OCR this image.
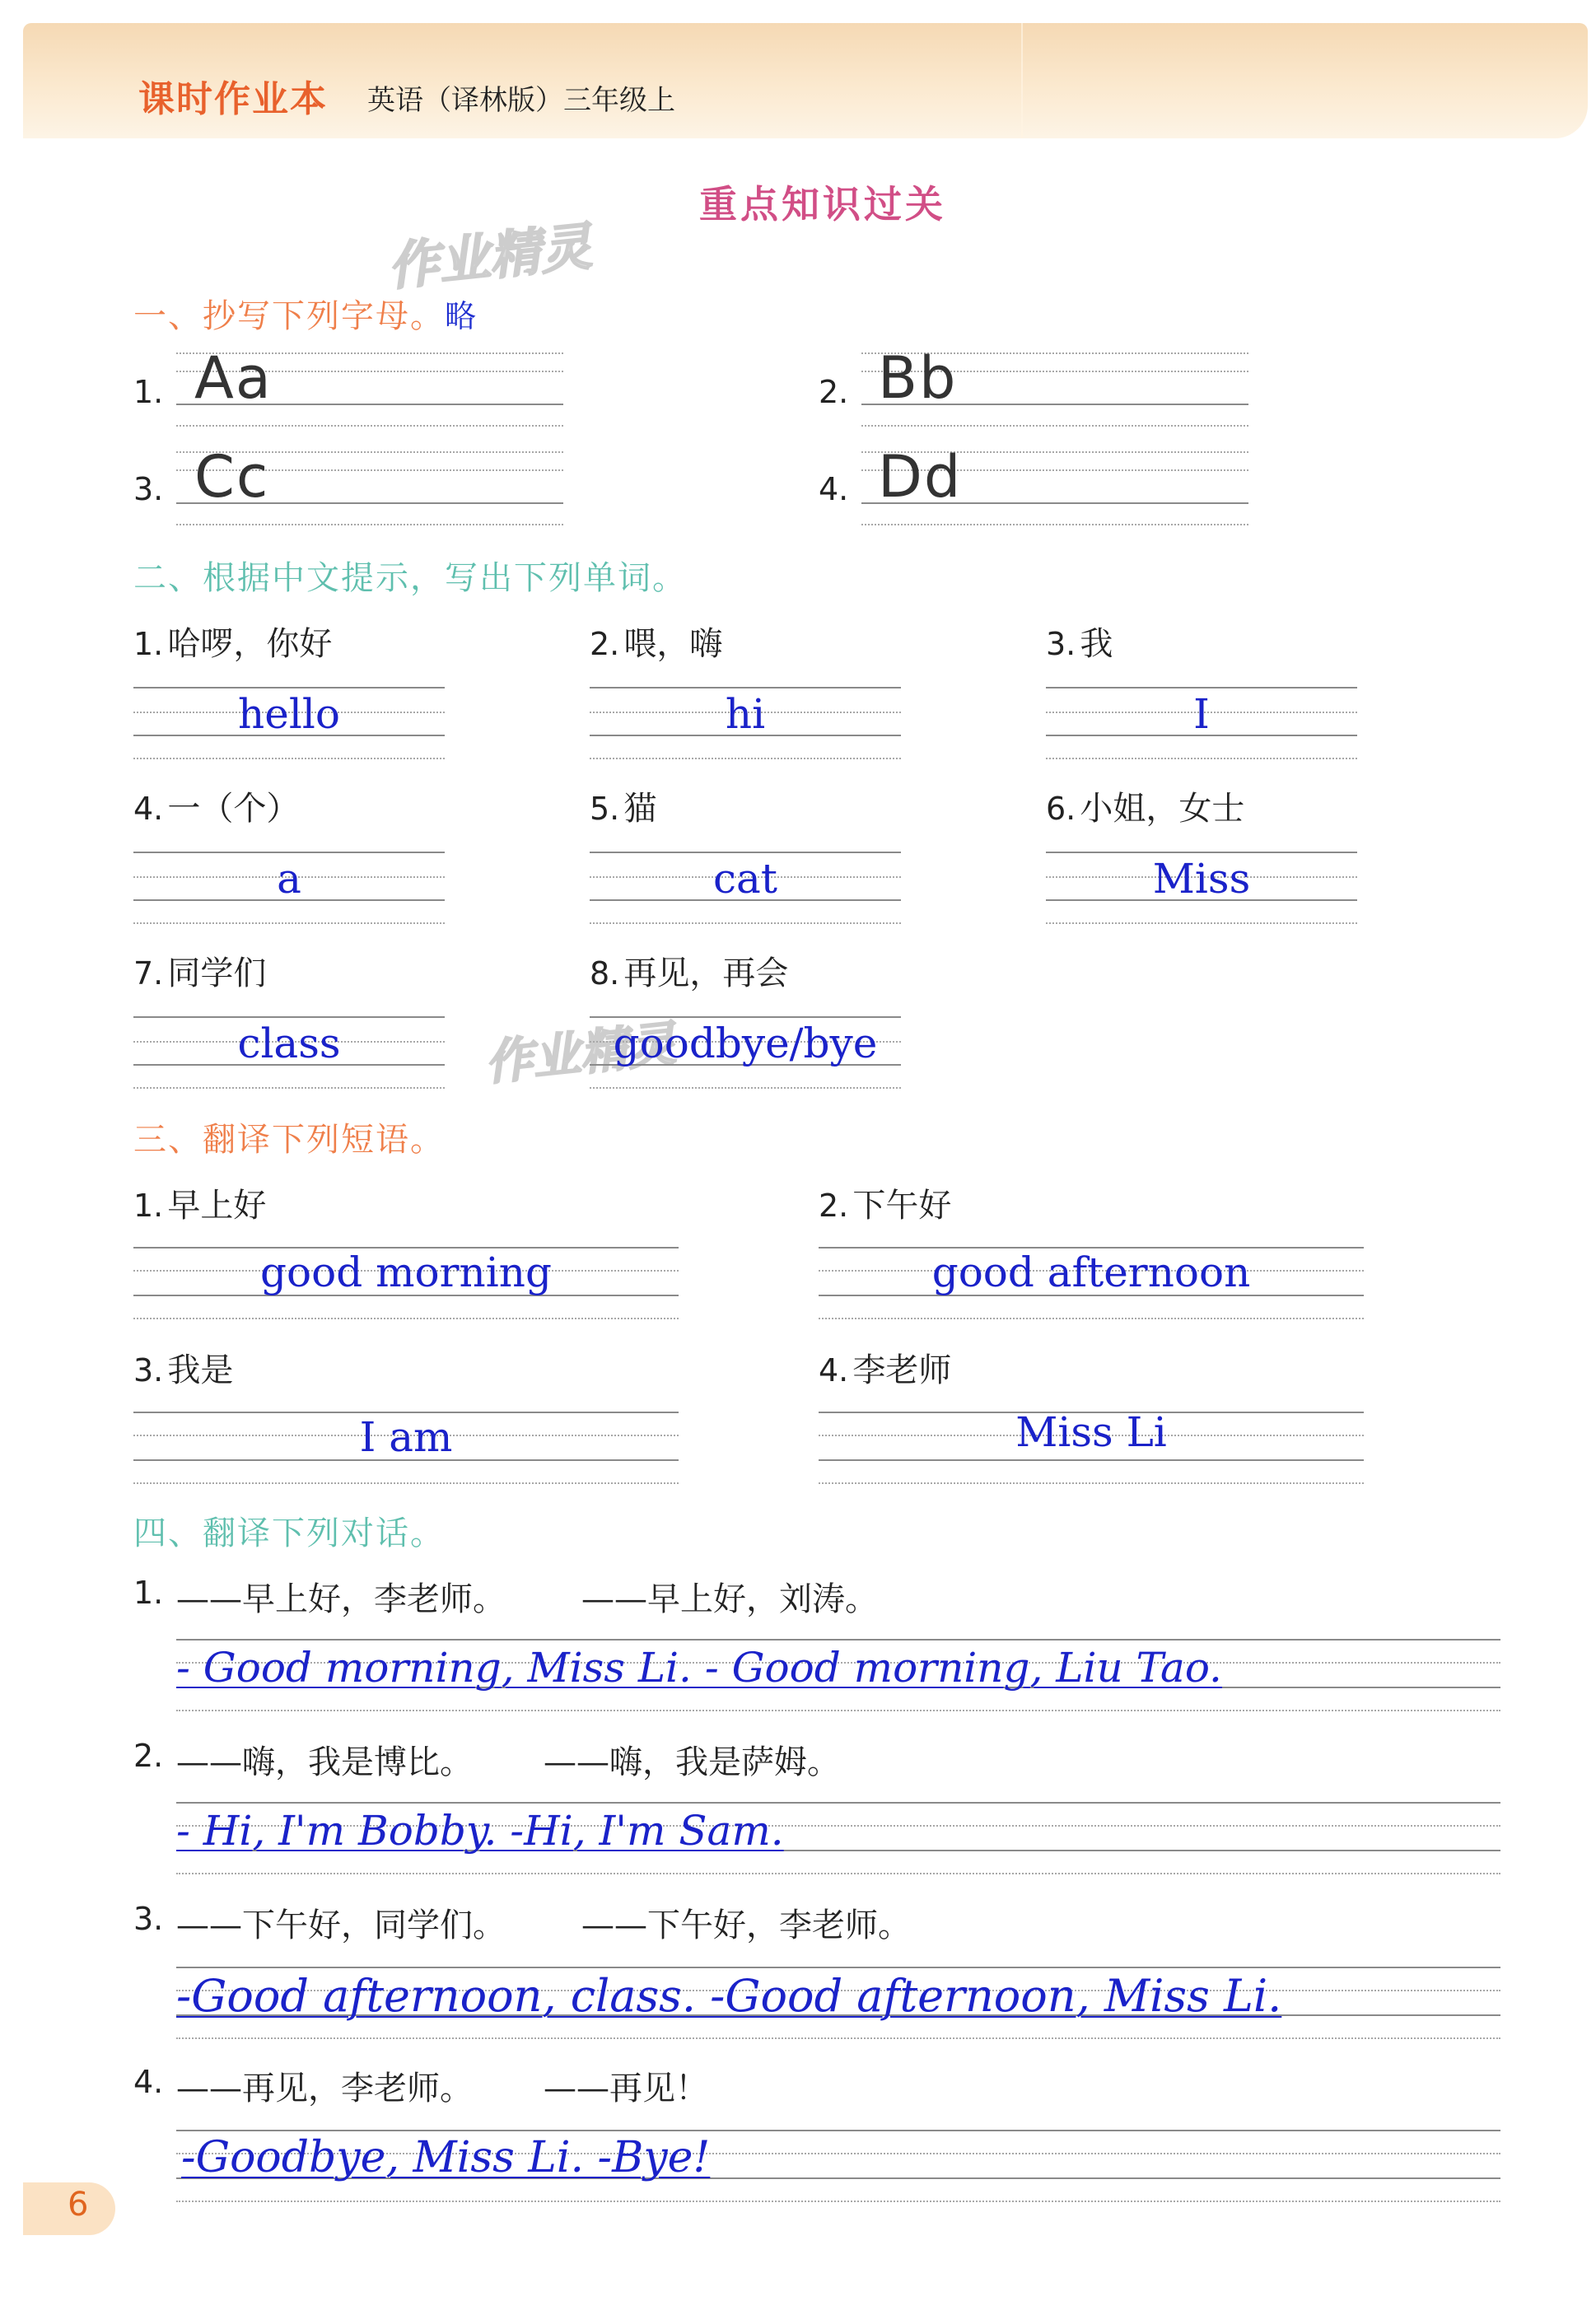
课时作业本 英语（译林版）三年级上
重点知识过关
作业精灵
作业精灵
一、抄写下列字母。略
1. Aa	2. Bb
3. Cc	4. Dd
二、根据中文提示，写出下列单词。
1. 哈啰，你好	2. 喂，嗨	3. 我
hello	hi	I
4. 一（个）	5. 猫	6. 小姐，女士
a	cat	Miss
7. 同学们	8. 再见，再会
class	goodbye/bye
三、翻译下列短语。
1. 早上好	2. 下午好
good morning	good afternoon
3. 我是	4. 李老师
I am	Miss Li
四、翻译下列对话。
1. ——早上好，李老师。 ——早上好，刘涛。
- Good morning, Miss Li. - Good morning, Liu Tao.
2. ——嗨，我是博比。 ——嗨，我是萨姆。
- Hi, I'm Bobby. -Hi, I'm Sam.
3. ——下午好，同学们。 ——下午好，李老师。
-Good afternoon, class. -Good afternoon, Miss Li.
4. ——再见，李老师。 ——再见！
-Goodbye, Miss Li. -Bye!
6
